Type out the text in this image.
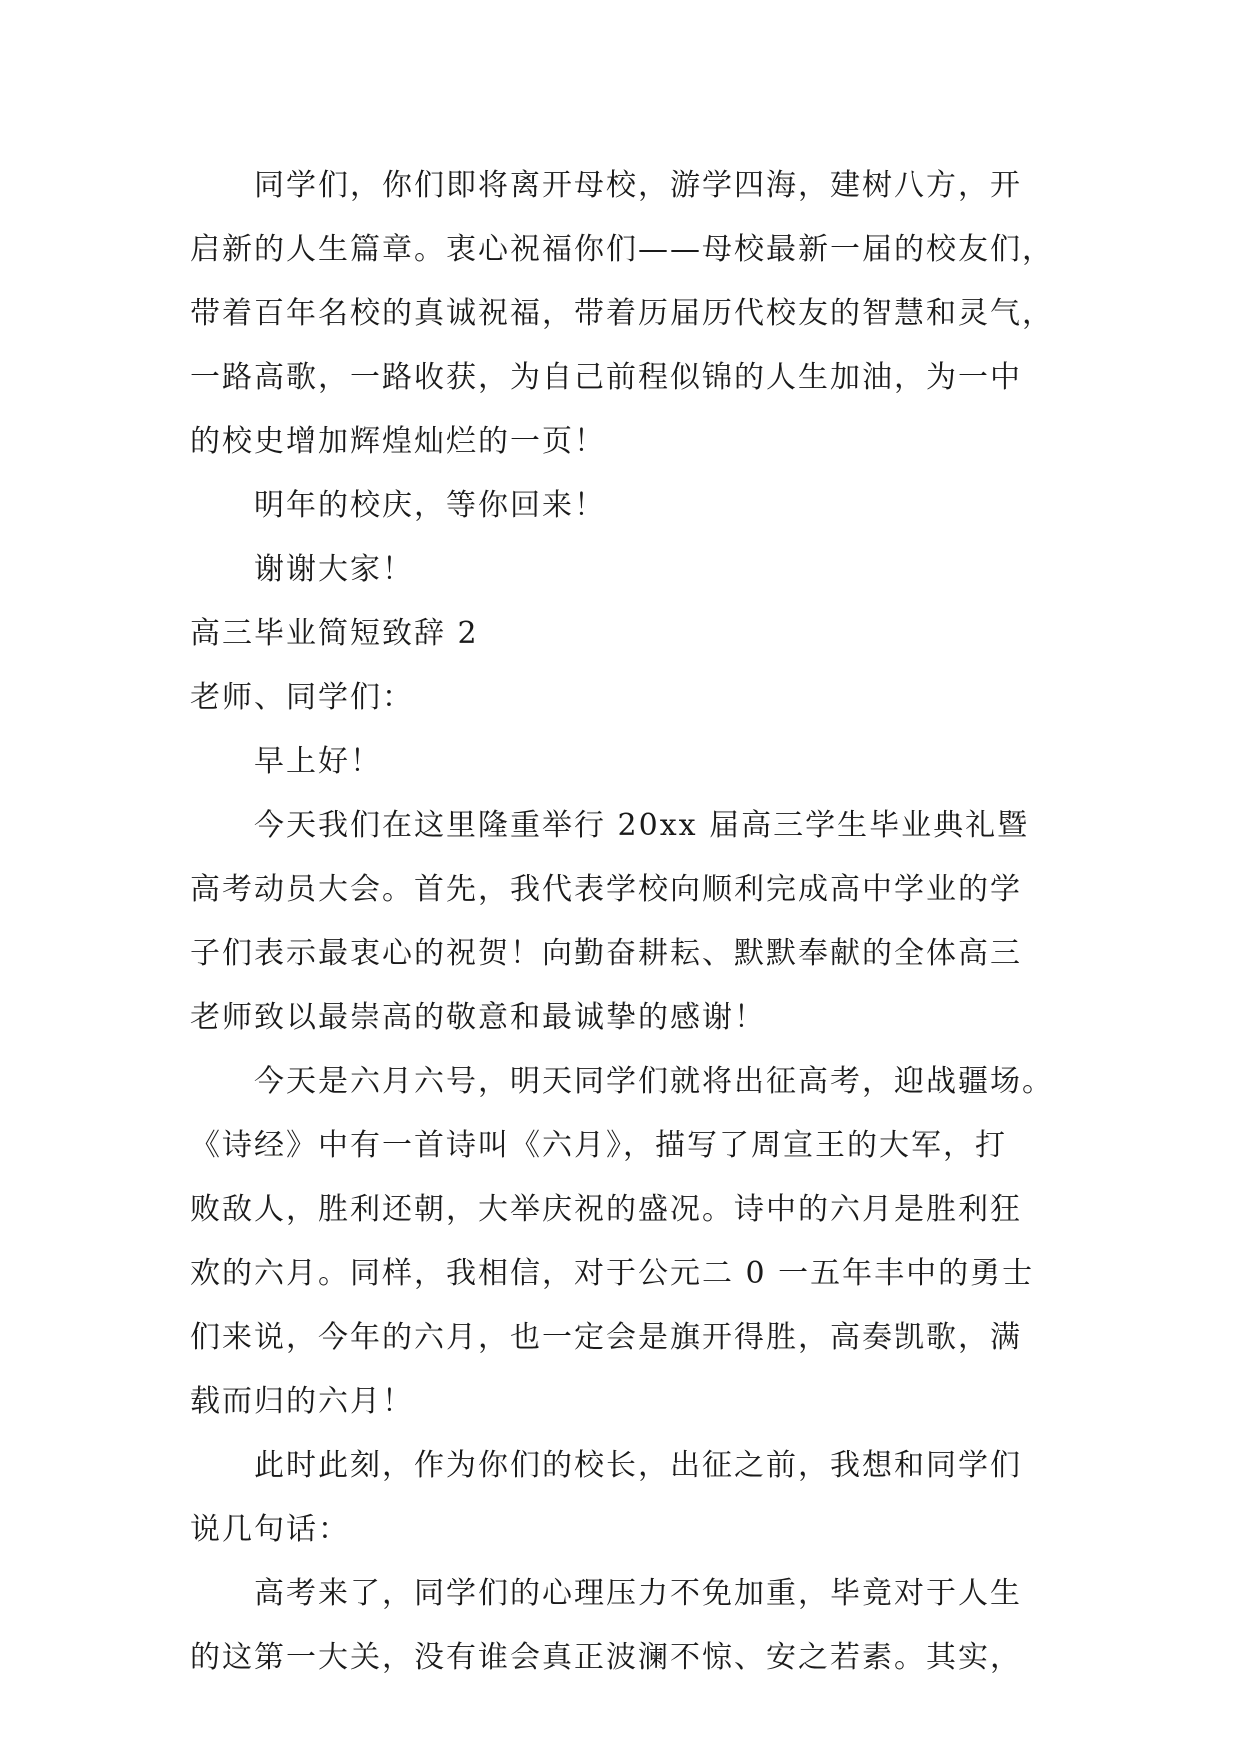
同学们，你们即将离开母校，游学四海，建树八方，开
启新的人生篇章。衷心祝福你们——母校最新一届的校友们，
带着百年名校的真诚祝福，带着历届历代校友的智慧和灵气，
一路高歌，一路收获，为自己前程似锦的人生加油，为一中
的校史增加辉煌灿烂的一页！
明年的校庆，等你回来！
谢谢大家！
高三毕业简短致辞 2
老师、同学们：
早上好！
今天我们在这里隆重举行 20xx 届高三学生毕业典礼暨
高考动员大会。首先，我代表学校向顺利完成高中学业的学
子们表示最衷心的祝贺！向勤奋耕耘、默默奉献的全体高三
老师致以最崇高的敬意和最诚挚的感谢！
今天是六月六号，明天同学们就将出征高考，迎战疆场。
《诗经》中有一首诗叫《六月》，描写了周宣王的大军，打
败敌人，胜利还朝，大举庆祝的盛况。诗中的六月是胜利狂
欢的六月。同样，我相信，对于公元二 0 一五年丰中的勇士
们来说，今年的六月，也一定会是旗开得胜，高奏凯歌，满
载而归的六月！
此时此刻，作为你们的校长，出征之前，我想和同学们
说几句话：
高考来了，同学们的心理压力不免加重，毕竟对于人生
的这第一大关，没有谁会真正波澜不惊、安之若素。其实，
